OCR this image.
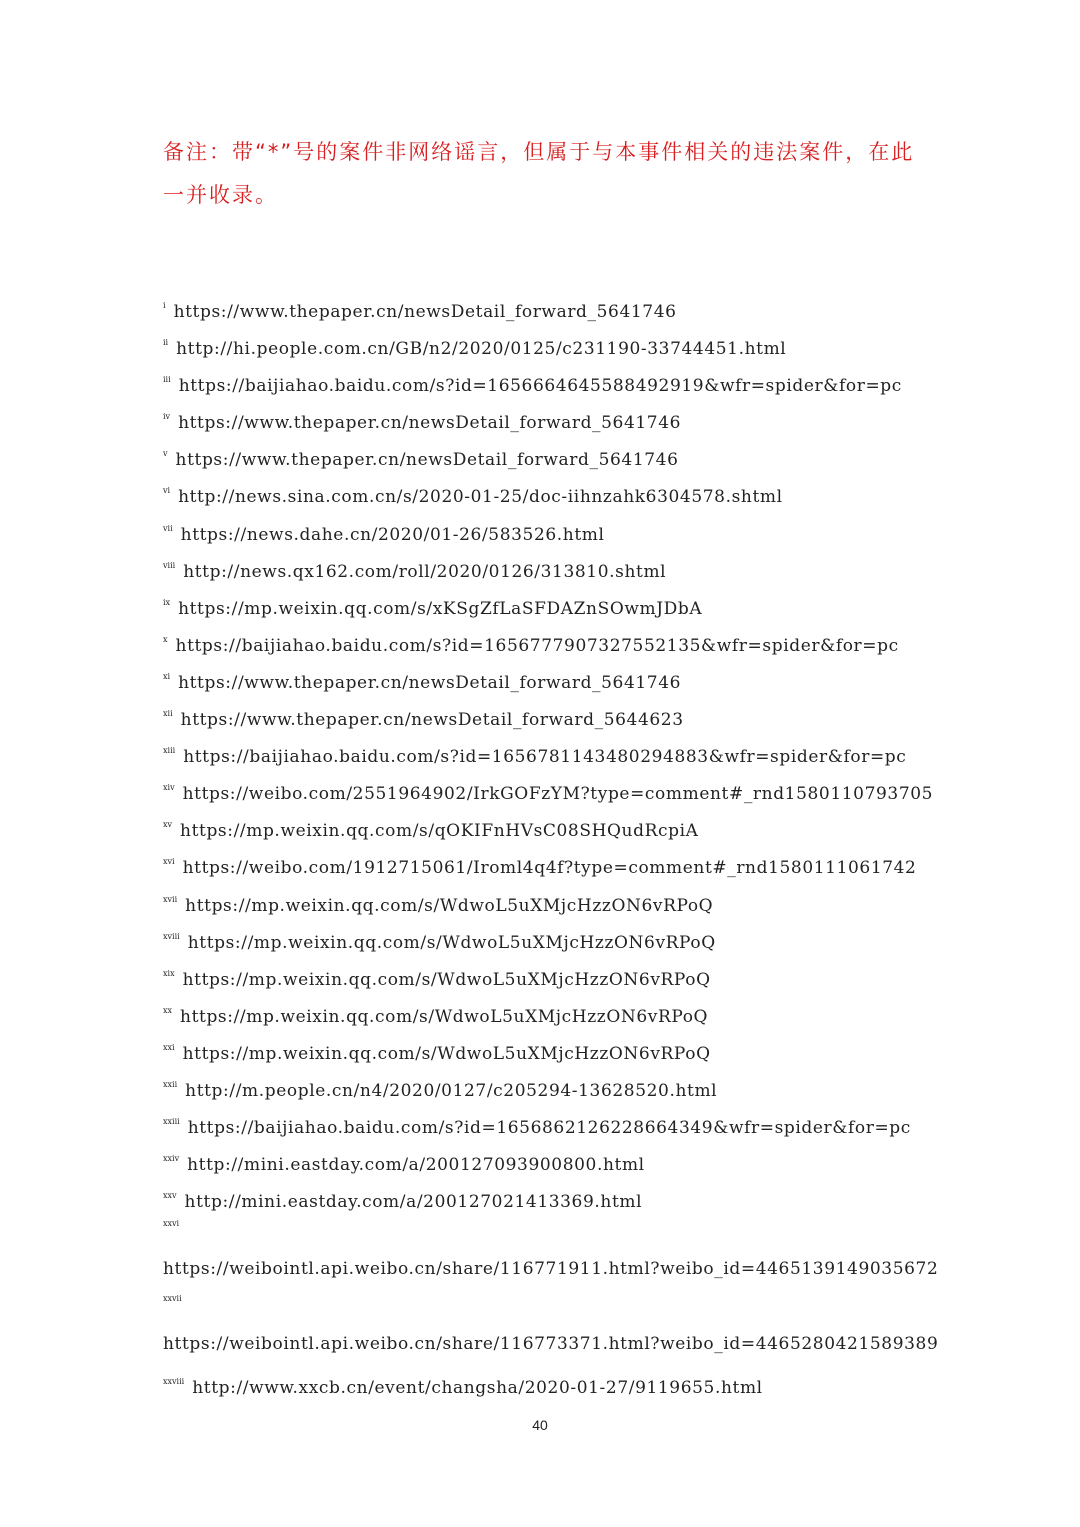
备注：带“*”号的案件非网络谣言，但属于与本事件相关的违法案件，在此一并收录。
$^i$ https://www.thepaper.cn/newsDetail_forward_5641746
$^{ii}$ http://hi.people.com.cn/GB/n2/2020/0125/c231190-33744451.html
$^{iii}$ https://baijiahao.baidu.com/s?id=1656664645588492919&wfr=spider&for=pc
$^{iv}$ https://www.thepaper.cn/newsDetail_forward_5641746
$^v$ https://www.thepaper.cn/newsDetail_forward_5641746
$^{vi}$ http://news.sina.com.cn/s/2020-01-25/doc-iihnzahk6304578.shtml
$^{vii}$ https://news.dahe.cn/2020/01-26/583526.html
$^{viii}$ http://news.qx162.com/roll/2020/0126/313810.shtml
$^{ix}$ https://mp.weixin.qq.com/s/xKSgZfLaSFDAZnSOwmJDbA
$^x$ https://baijiahao.baidu.com/s?id=1656777907327552135&wfr=spider&for=pc
$^{xi}$ https://www.thepaper.cn/newsDetail_forward_5641746
$^{xii}$ https://www.thepaper.cn/newsDetail_forward_5644623
$^{xiii}$ https://baijiahao.baidu.com/s?id=1656781143480294883&wfr=spider&for=pc
$^{xiv}$ https://weibo.com/2551964902/IrkGOFzYM?type=comment#_rnd1580110793705
$^{xv}$ https://mp.weixin.qq.com/s/qOKIFnHVsC08SHQudRcpiA
$^{xvi}$ https://weibo.com/1912715061/Iroml4q4f?type=comment#_rnd1580111061742
$^{xvii}$ https://mp.weixin.qq.com/s/WdwoL5uXMjcHzzON6vRPoQ
$^{xviii}$ https://mp.weixin.qq.com/s/WdwoL5uXMjcHzzON6vRPoQ
$^{xix}$ https://mp.weixin.qq.com/s/WdwoL5uXMjcHzzON6vRPoQ
$^{xx}$ https://mp.weixin.qq.com/s/WdwoL5uXMjcHzzON6vRPoQ
$^{xxi}$ https://mp.weixin.qq.com/s/WdwoL5uXMjcHzzON6vRPoQ
$^{xxii}$ http://m.people.cn/n4/2020/0127/c205294-13628520.html
$^{xxiii}$ https://baijiahao.baidu.com/s?id=1656862126228664349&wfr=spider&for=pc
$^{xxiv}$ http://mini.eastday.com/a/200127093900800.html
$^{xxv}$ http://mini.eastday.com/a/200127021413369.html
xxvi
https://weibointl.api.weibo.cn/share/116771911.html?weibo_id=4465139149035672
xxvii
https://weibointl.api.weibo.cn/share/116773371.html?weibo_id=4465280421589389
$^{xxviii}$ http://www.xxcb.cn/event/changsha/2020-01-27/9119655.html
40
